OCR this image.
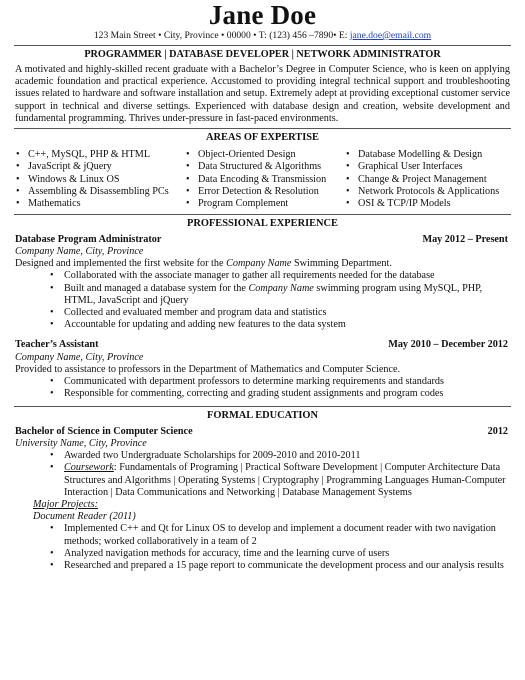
Jane Doe
123 Main Street • City, Province • 00000 • T: (123) 456 –7890• E: jane.doe@email.com
PROGRAMMER | DATABASE DEVELOPER | NETWORK ADMINISTRATOR
A motivated and highly-skilled recent graduate with a Bachelor’s Degree in Computer Science, who is keen on applying academic foundation and practical experience. Accustomed to providing integral technical support and troubleshooting issues related to hardware and software installation and setup. Extremely adept at providing exceptional customer service support in technical and diverse settings. Experienced with database design and creation, website development and fundamental programming. Thrives under-pressure in fast-paced environments.
AREAS OF EXPERTISE
• C++, MySQL, PHP & HTML
• JavaScript & jQuery
• Windows & Linux OS
• Assembling & Disassembling PCs
• Mathematics
• Object-Oriented Design
• Data Structured & Algorithms
• Data Encoding & Transmission
• Error Detection & Resolution
• Program Complement
• Database Modelling & Design
• Graphical User Interfaces
• Change & Project Management
• Network Protocols & Applications
• OSI & TCP/IP Models
PROFESSIONAL EXPERIENCE
Database Program Administrator	May 2012 – Present
Company Name, City, Province
Designed and implemented the first website for the Company Name Swimming Department.
• Collaborated with the associate manager to gather all requirements needed for the database
• Built and managed a database system for the Company Name swimming program using MySQL, PHP, HTML, JavaScript and jQuery
• Collected and evaluated member and program data and statistics
• Accountable for updating and adding new features to the data system
Teacher’s Assistant	May 2010 – December 2012
Company Name, City, Province
Provided to assistance to professors in the Department of Mathematics and Computer Science.
• Communicated with department professors to determine marking requirements and standards
• Responsible for commenting, correcting and grading student assignments and program codes
FORMAL EDUCATION
Bachelor of Science in Computer Science	2012
University Name, City, Province
• Awarded two Undergraduate Scholarships for 2009-2010 and 2010-2011
• Coursework: Fundamentals of Programing | Practical Software Development | Computer Architecture Data Structures and Algorithms | Operating Systems | Cryptography | Programming Languages Human-Computer Interaction | Data Communications and Networking | Database Management Systems
Major Projects:
Document Reader (2011)
• Implemented C++ and Qt for Linux OS to develop and implement a document reader with two navigation methods; worked collaboratively in a team of 2
• Analyzed navigation methods for accuracy, time and the learning curve of users
• Researched and prepared a 15 page report to communicate the development process and our analysis results
